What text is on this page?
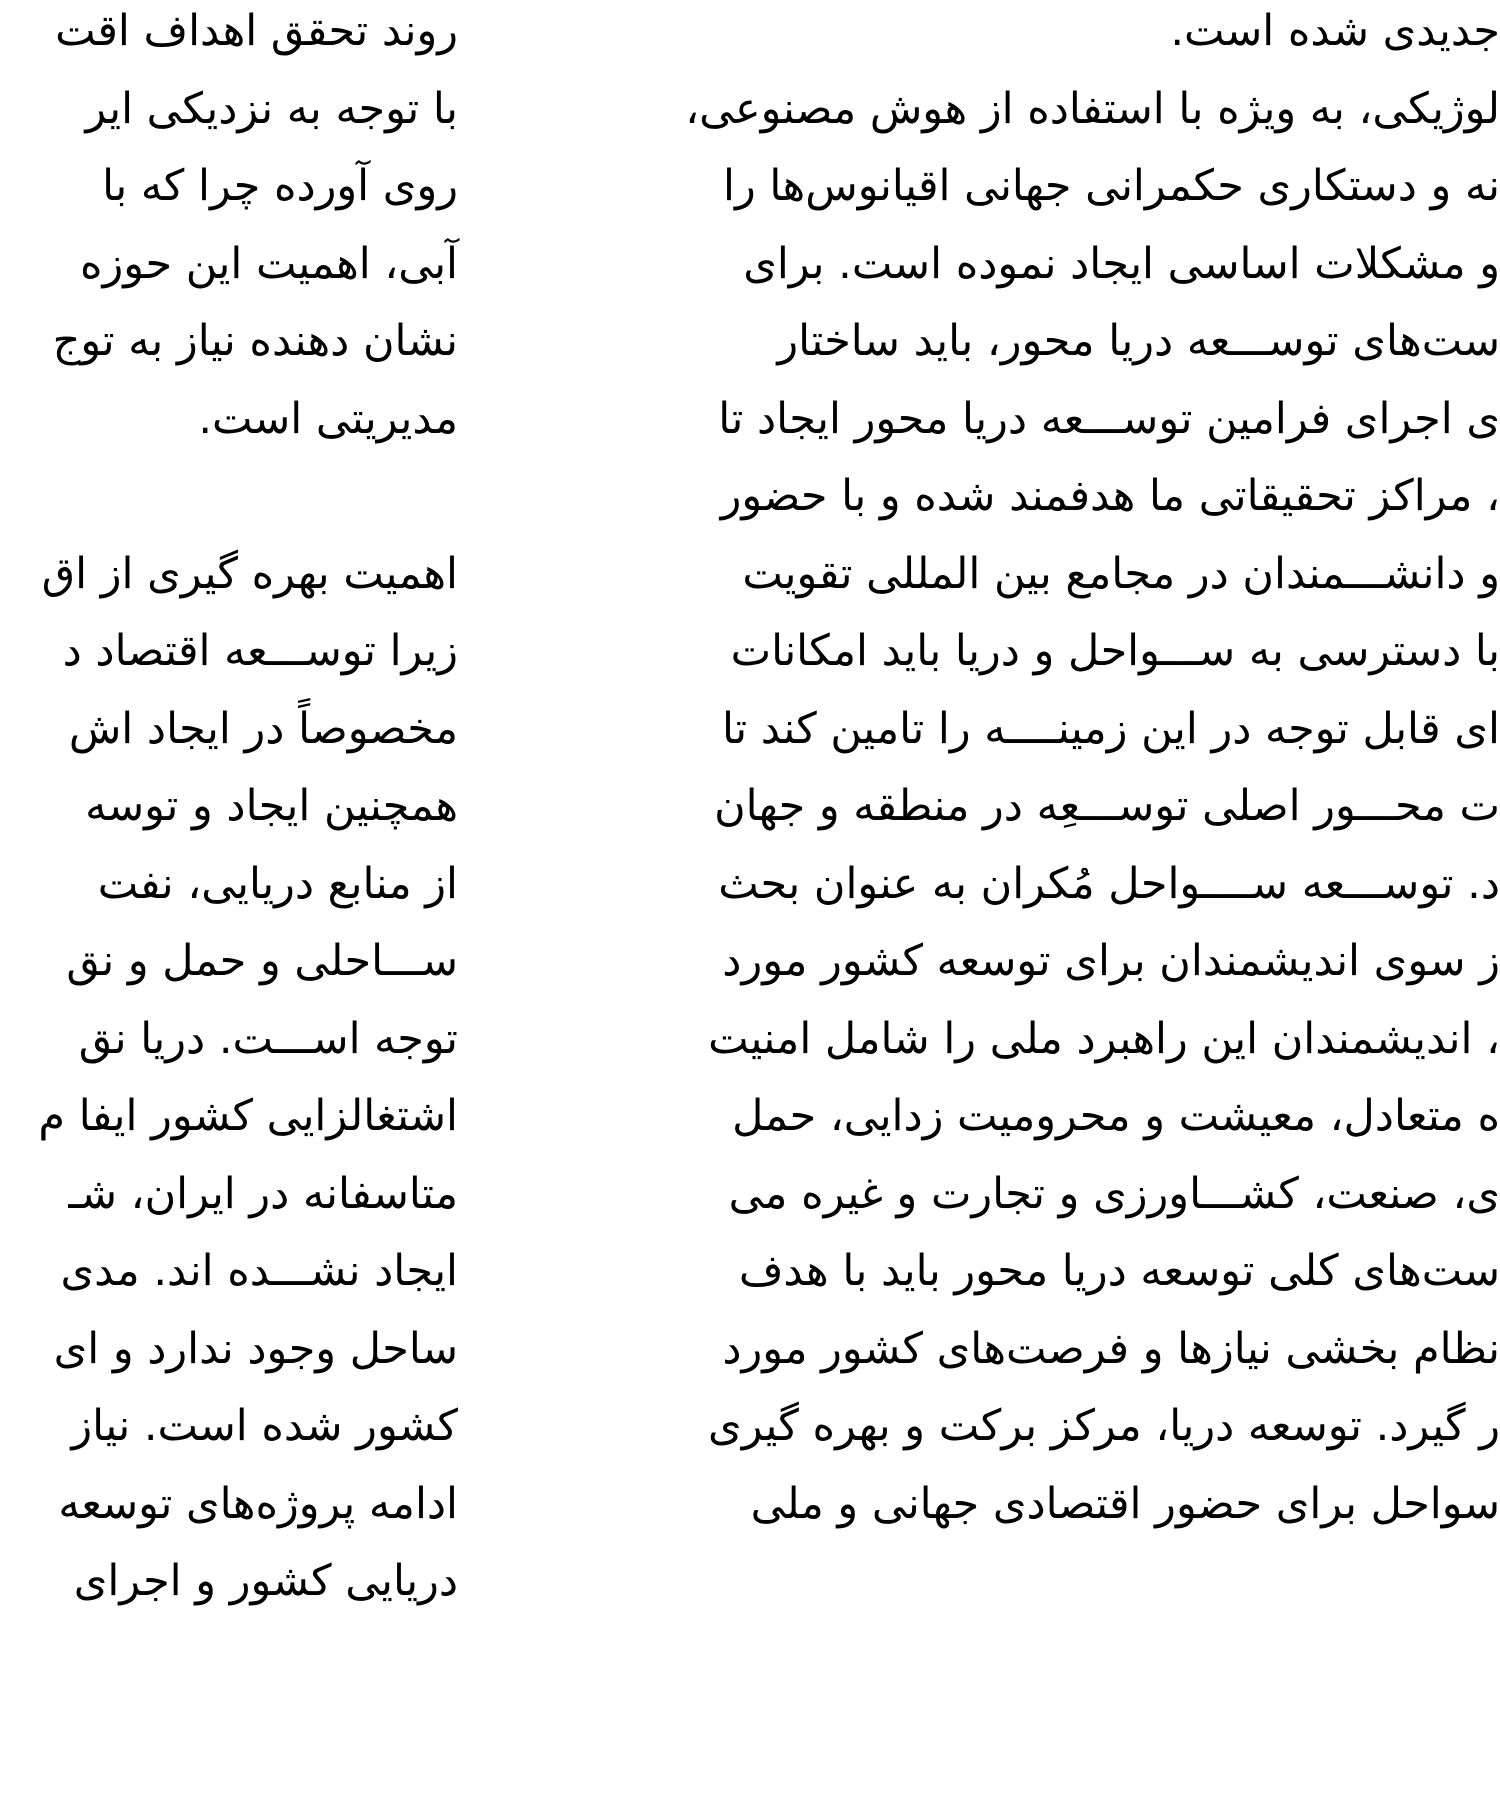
جدیدی شده است.
لوژیکی، به ویژه با استفاده از هوش مصنوعی،
نه و دستکاری حکمرانی جهانی اقیانوس‌ها را
و مشکلات اساسی ایجاد نموده است. برای
ست‌های توســـعه دریا محور، باید ساختار
ی اجرای فرامین توســـعه دریا محور ایجاد تا
، مراکز تحقیقاتی ما هدفمند شده و با حضور
و دانشـــمندان در مجامع بین المللی تقویت
با دسترسی به ســـواحل و دریا باید امکانات
ای قابل توجه در این زمینــــه را تامین کند تا
ت محـــور اصلی توســـعِه در منطقه و جهان
د. توســـعه ســــواحل مُکران به عنوان بحث
ز سوی اندیشمندان برای توسعه کشور مورد
، اندیشمندان این راهبرد ملی را شامل امنیت
ه متعادل، معیشت و محرومیت زدایی، حمل
ی، صنعت، کشـــاورزی و تجارت و غیره می
ست‌های کلی توسعه دریا محور باید با هدف
نظام بخشی نیازها و فرصت‌های کشور مورد
ر گیرد. توسعه دریا، مرکز برکت و بهره گیری
سواحل برای حضور اقتصادی جهانی و ملی
روند تحقق اهداف اقت
با توجه به نزدیکی ایر
روی آورده چرا که با
آبی، اهمیت این حوزه
نشان دهنده نیاز به توج
مدیریتی است.
اهمیت بهره گیری از اق
زیرا توســـعه اقتصاد د
مخصوصاً در ایجاد اش
همچنین ایجاد و توسه
از منابع دریایی، نفت
ســـاحلی و حمل و نق
توجه اســـت. دریا نق
اشتغالزایی کشور ایفا م
متاسفانه در ایران، شـ
ایجاد نشـــده اند. مدی
ساحل وجود ندارد و ای
کشور شده است. نیاز
ادامه پروژه‌های توسعه
دریایی کشور و اجرای
